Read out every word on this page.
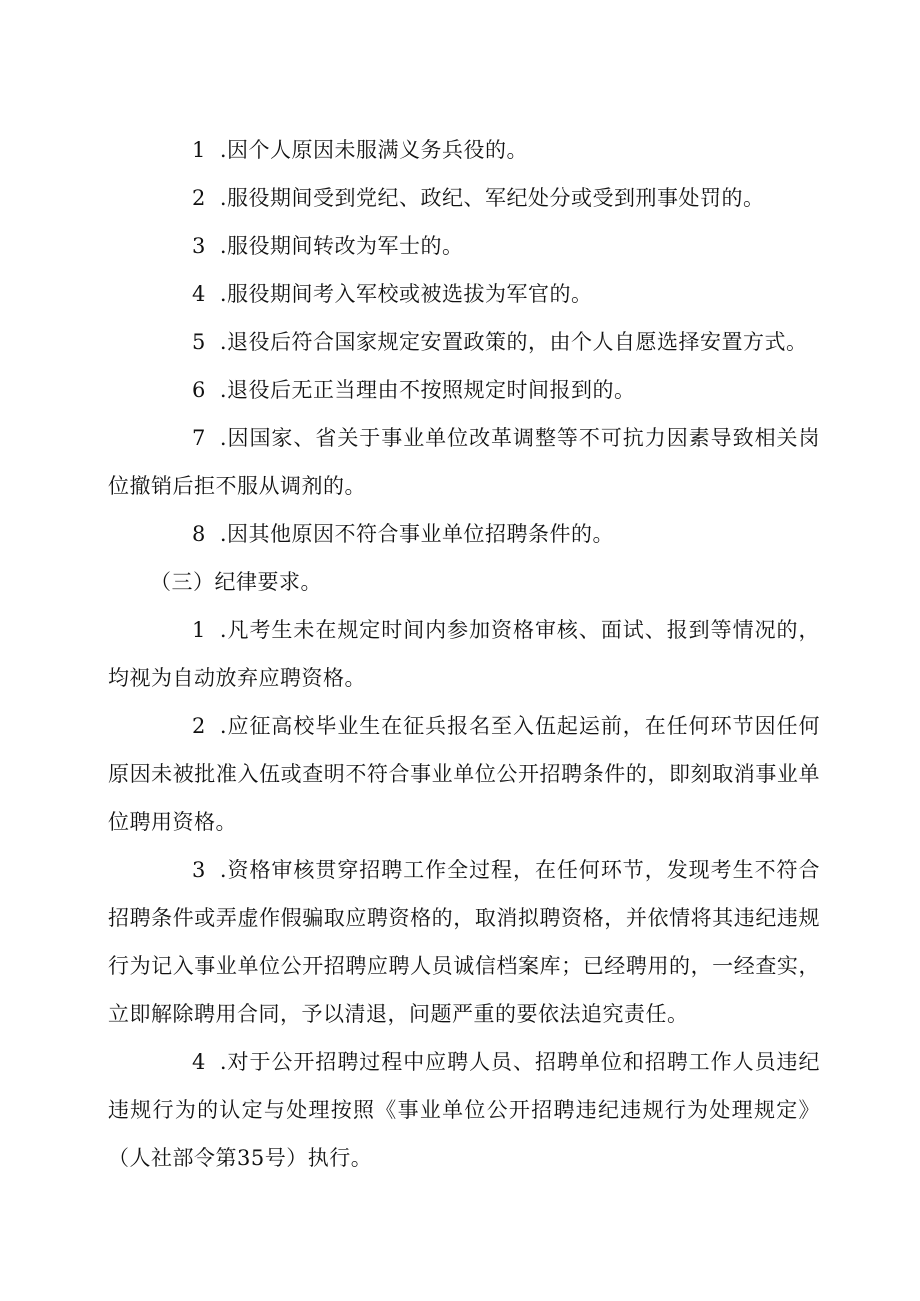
1 .因个人原因未服满义务兵役的。

2 .服役期间受到党纪、政纪、军纪处分或受到刑事处罚的。

3 .服役期间转改为军士的。

4 .服役期间考入军校或被选拔为军官的。

5 .退役后符合国家规定安置政策的，由个人自愿选择安置方式。

6 .退役后无正当理由不按照规定时间报到的。

7 .因国家、省关于事业单位改革调整等不可抗力因素导致相关岗位撤销后拒不服从调剂的。

8 .因其他原因不符合事业单位招聘条件的。

（三）纪律要求。

1 .凡考生未在规定时间内参加资格审核、面试、报到等情况的，均视为自动放弃应聘资格。

2 .应征高校毕业生在征兵报名至入伍起运前，在任何环节因任何原因未被批准入伍或查明不符合事业单位公开招聘条件的，即刻取消事业单位聘用资格。

3 .资格审核贯穿招聘工作全过程，在任何环节，发现考生不符合招聘条件或弄虚作假骗取应聘资格的，取消拟聘资格，并依情将其违纪违规行为记入事业单位公开招聘应聘人员诚信档案库；已经聘用的，一经查实，立即解除聘用合同，予以清退，问题严重的要依法追究责任。

4 .对于公开招聘过程中应聘人员、招聘单位和招聘工作人员违纪违规行为的认定与处理按照《事业单位公开招聘违纪违规行为处理规定》（人社部令第35号）执行。
